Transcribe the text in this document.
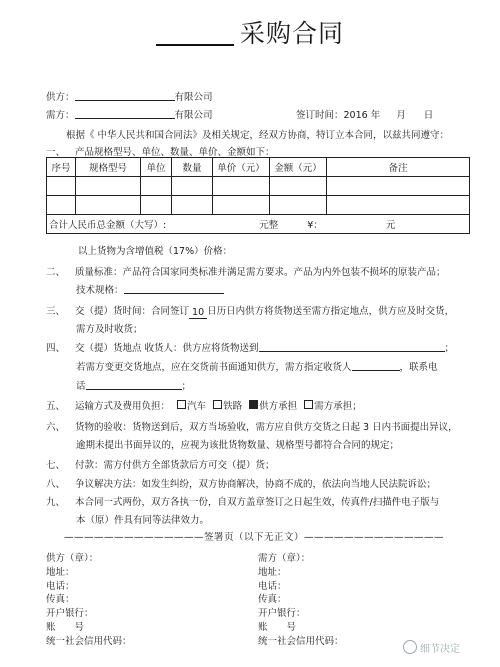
采购合同
供方：	有限公司
需方：	有限公司	签订时间：2016 年 月 日
根据《 中华人民共和国合同法》及相关规定，经双方协商，特订立本合同，以兹共同遵守：
一、 产品规格型号、单位、数量、单价、金额如下：
序号	规格型号	单位	数量	单价（元）	金额（元）	备注

合计人民币总金额（大写）: 元整 ¥： 元						
以上货物为含增值税（17%）价格：
二、 质量标准：产品符合国家同类标准并满足需方要求。产品为内外包装不损坏的原装产品；
技术规格：
三、 交（提）货时间：合同签订 10 日历日内供方将货物送至需方指定地点，供方应及时交货，
需方及时收货；
四、 交（提）货地点 收货人：供方应将货物送到	；
若需方变更交货地点，应在交货前书面通知供方，需方指定收货人	，联系电
话	；
五、 运输方式及费用负担： 汽车 铁路 供方承担 需方承担；
六、 货物的验收：货物送到后，双方当场验收，需方应自供方交货之日起 3 日内书面提出异议，
逾期未提出书面异议的，应视为该批货物数量、规格型号都符合合同的规定；
七、 付款：需方付供方全部货款后方可交（提）货；
八、 争议解决方法：如发生纠纷，双方协商解决，协商不成的，依法向当地人民法院诉讼；
九、 本合同一式两份，双方各执一份，自双方盖章签订之日起生效，传真件/扫描件电子版与
本（原）件具有同等法律效力。
——————————————签署页（以下无正文）——————————————
供方（章）：
地址：
电话：
传真：
开户银行：
账　　号
统一社会信用代码：
需方（章）：
地址：
电话：
传真：
开户银行：
账　　号
统一社会信用代码：
细节决定
